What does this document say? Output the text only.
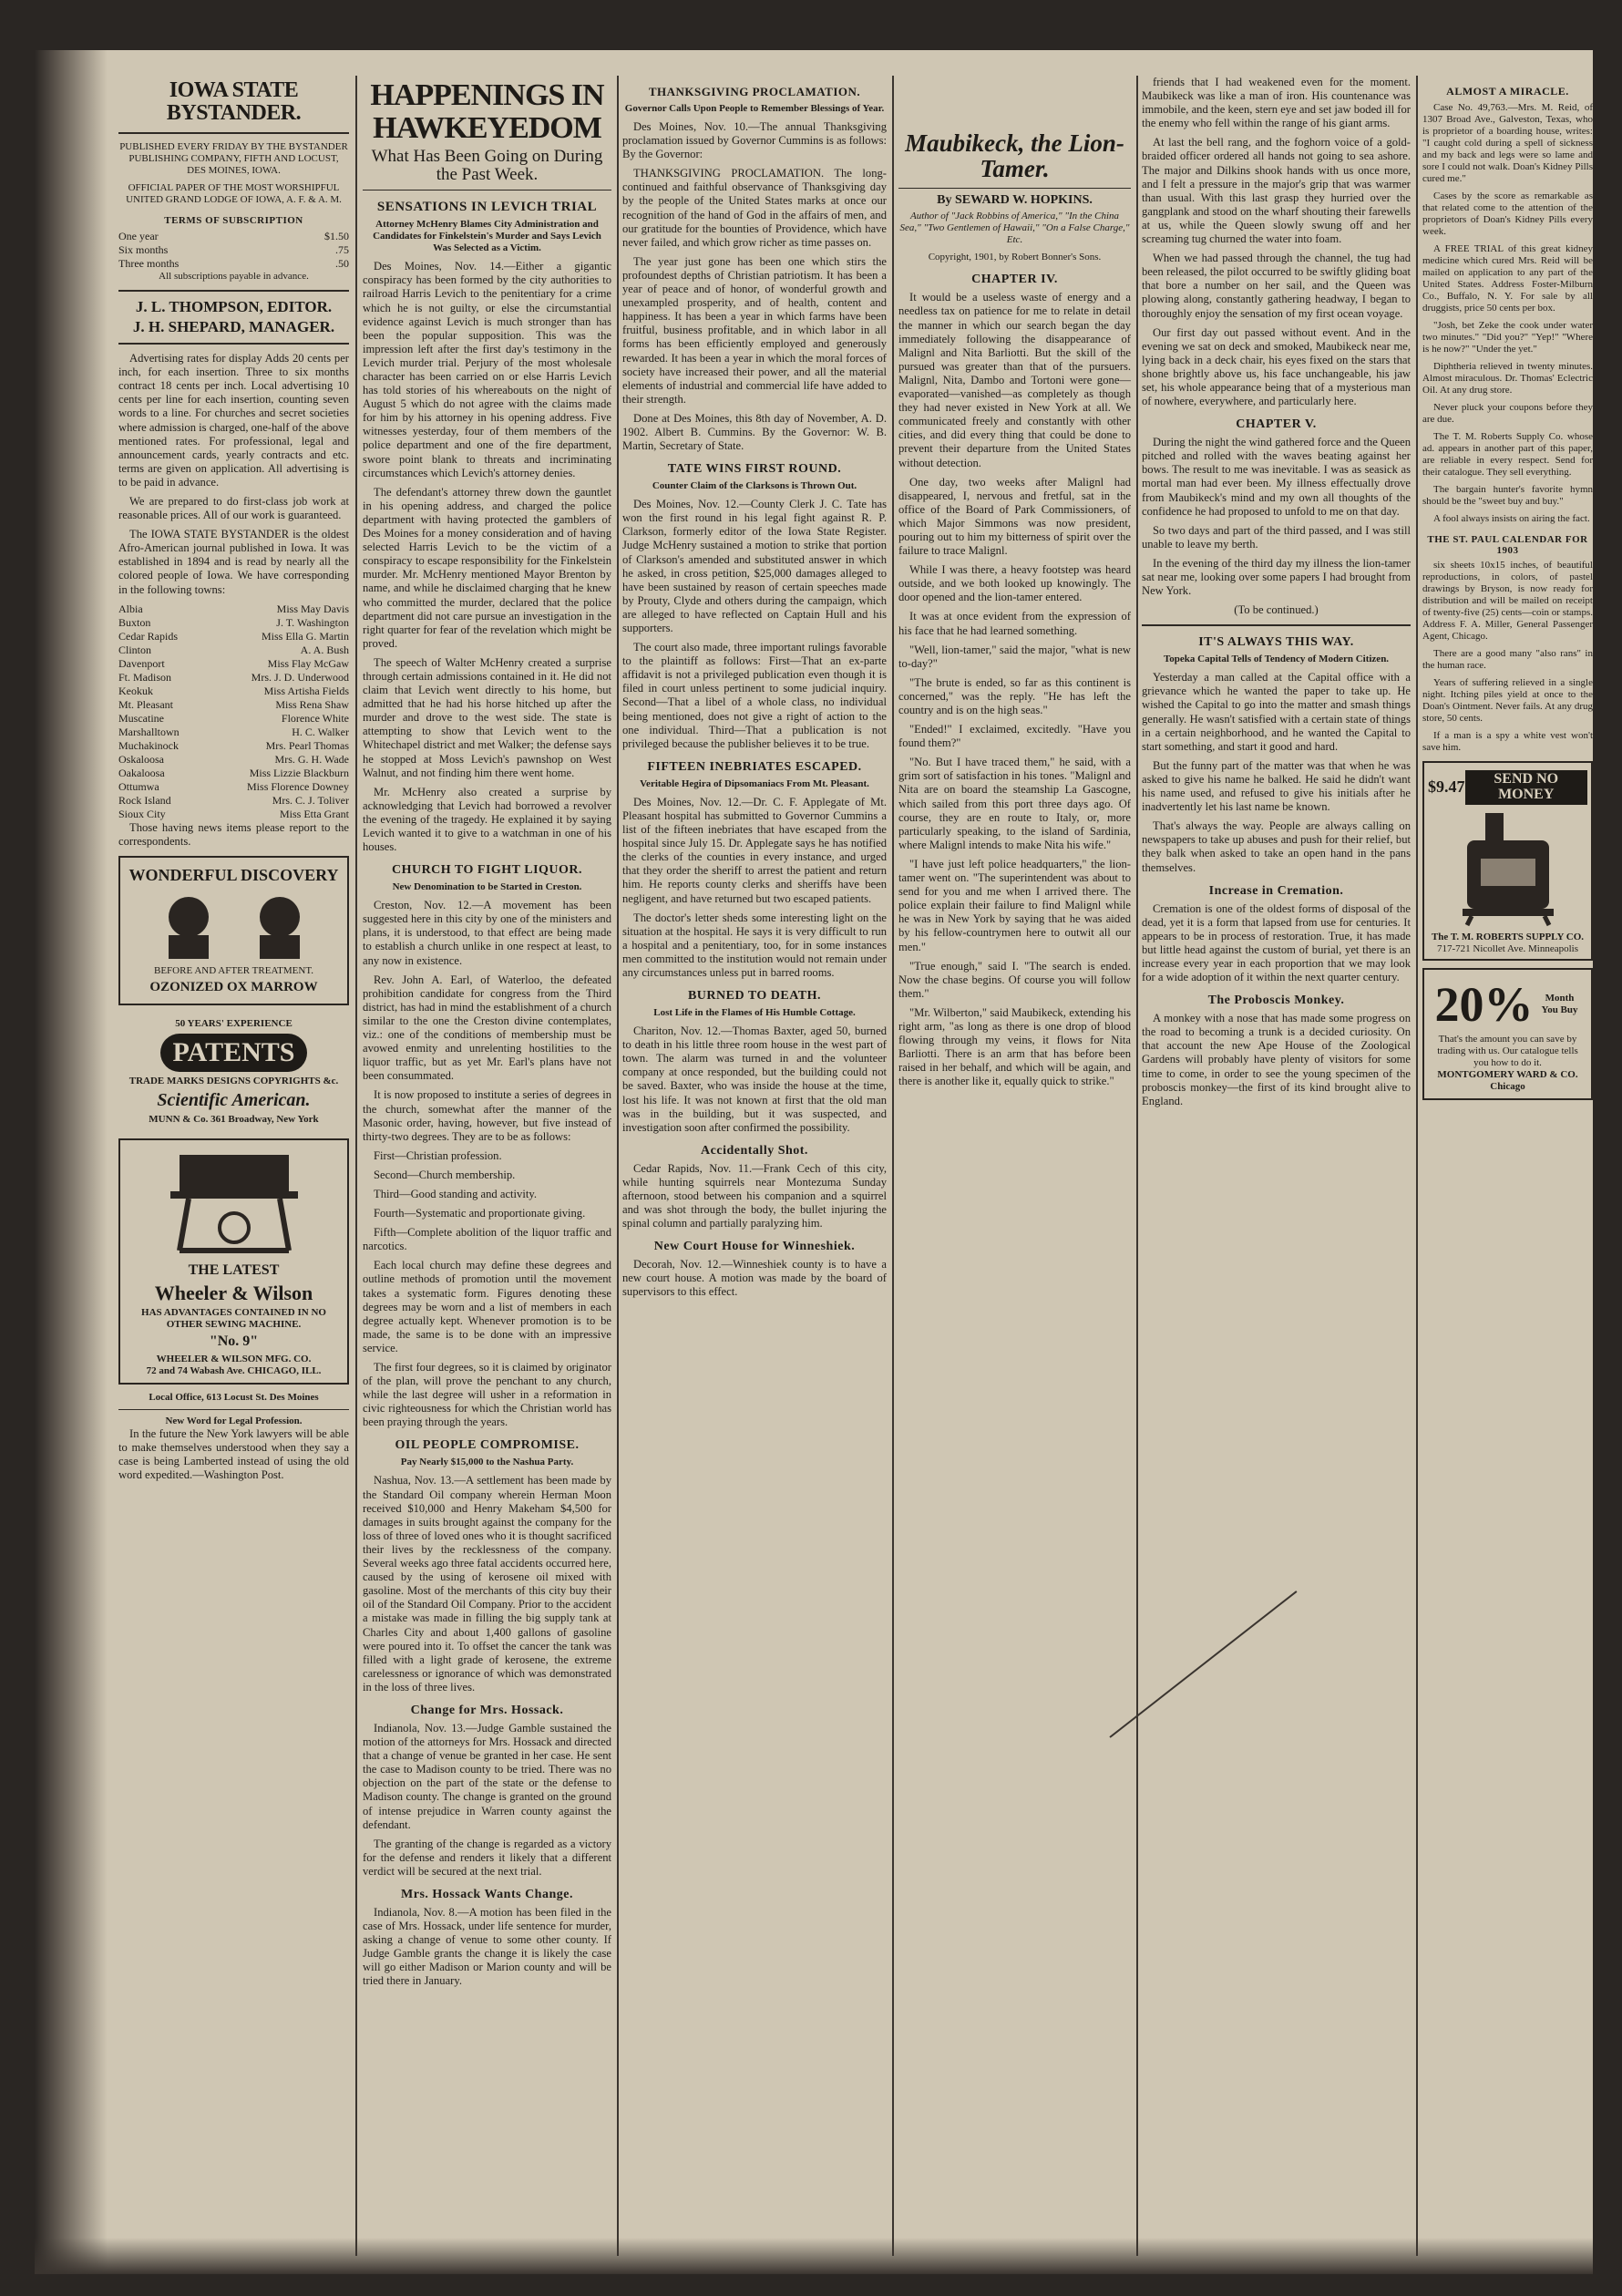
IOWA STATE BYSTANDER.

PUBLISHED EVERY FRIDAY BY THE BYSTANDER PUBLISHING COMPANY, FIFTH AND LOCUST, DES MOINES, IOWA.

OFFICIAL PAPER OF THE MOST WORSHIPFUL UNITED GRAND LODGE OF IOWA, A. F. & A. M.

TERMS OF SUBSCRIPTION
One year	$1.50
Six months	.75
Three months	.50

All subscriptions payable in advance.

J. L. THOMPSON, EDITOR.
J. H. SHEPARD, MANAGER.

Advertising rates for display Adds 20 cents per inch, for each insertion. Three to six months contract 18 cents per inch. Local advertising 10 cents per line for each insertion, counting seven words to a line. For churches and secret societies where admission is charged, one-half of the above mentioned rates. For professional, legal and announcement cards, yearly contracts and etc. terms are given on application. All advertising is to be paid in advance.

We are prepared to do first-class job work at reasonable prices. All of our work is guaranteed.

The IOWA STATE BYSTANDER is the oldest Afro-American journal published in Iowa. It was established in 1894 and is read by nearly all the colored people of Iowa. We have corresponding in the following towns:

Albia	Miss May Davis
Buxton	J. T. Washington
Cedar Rapids	Miss Ella G. Martin
Clinton	A. A. Bush
Davenport	Miss Flay McGaw
Ft. Madison	Mrs. J. D. Underwood
Keokuk	Miss Artisha Fields
Mt. Pleasant	Miss Rena Shaw
Muscatine	Florence White
Marshalltown	H. C. Walker
Muchakinock	Mrs. Pearl Thomas
Oskaloosa	Mrs. G. H. Wade
Oakaloosa	Miss Lizzie Blackburn
Ottumwa	Miss Florence Downey
Rock Island	Mrs. C. J. Toliver
Sioux City	Miss Etta Grant

Those having news items please report to the correspondents.

WONDERFUL DISCOVERY
BEFORE AND AFTER TREATMENT.
OZONIZED OX MARROW
50 YEARS' EXPERIENCE
PATENTS
TRADE MARKS DESIGNS COPYRIGHTS &c.
Scientific American.
MUNN & Co. 361 Broadway, New York
THE LATEST
Wheeler & Wilson
HAS ADVANTAGES CONTAINED IN NO OTHER SEWING MACHINE.
"No. 9"
WHEELER & WILSON MFG. CO.
72 and 74 Wabash Ave. CHICAGO, ILL.
Local Office, 613 Locust St. Des Moines
New Word for Legal Profession.

In the future the New York lawyers will be able to make themselves understood when they say a case is being Lamberted instead of using the old word expedited.—Washington Post.

HAPPENINGS IN HAWKEYEDOM
What Has Been Going on During the Past Week.
SENSATIONS IN LEVICH TRIAL

Attorney McHenry Blames City Administration and Candidates for Finkelstein's Murder and Says Levich Was Selected as a Victim.

Des Moines, Nov. 14.—Either a gigantic conspiracy has been formed by the city authorities to railroad Harris Levich to the penitentiary for a crime which he is not guilty, or else the circumstantial evidence against Levich is much stronger than has been the popular supposition. This was the impression left after the first day's testimony in the Levich murder trial. Perjury of the most wholesale character has been carried on or else Harris Levich has told stories of his whereabouts on the night of August 5 which do not agree with the claims made for him by his attorney in his opening address. Five witnesses yesterday, four of them members of the police department and one of the fire department, swore point blank to threats and incriminating circumstances which Levich's attorney denies.

The defendant's attorney threw down the gauntlet in his opening address, and charged the police department with having protected the gamblers of Des Moines for a money consideration and of having selected Harris Levich to be the victim of a conspiracy to escape responsibility for the Finkelstein murder. Mr. McHenry mentioned Mayor Brenton by name, and while he disclaimed charging that he knew who committed the murder, declared that the police department did not care pursue an investigation in the right quarter for fear of the revelation which might be proved.

The speech of Walter McHenry created a surprise through certain admissions contained in it. He did not claim that Levich went directly to his home, but admitted that he had his horse hitched up after the murder and drove to the west side. The state is attempting to show that Levich went to the Whitechapel district and met Walker; the defense says he stopped at Moss Levich's pawnshop on West Walnut, and not finding him there went home.

Mr. McHenry also created a surprise by acknowledging that Levich had borrowed a revolver the evening of the tragedy. He explained it by saying Levich wanted it to give to a watchman in one of his houses.

CHURCH TO FIGHT LIQUOR.

New Denomination to be Started in Creston.

Creston, Nov. 12.—A movement has been suggested here in this city by one of the ministers and plans, it is understood, to that effect are being made to establish a church unlike in one respect at least, to any now in existence.

Rev. John A. Earl, of Waterloo, the defeated prohibition candidate for congress from the Third district, has had in mind the establishment of a church similar to the one the Creston divine contemplates, viz.: one of the conditions of membership must be avowed enmity and unrelenting hostilities to the liquor traffic, but as yet Mr. Earl's plans have not been consummated.

It is now proposed to institute a series of degrees in the church, somewhat after the manner of the Masonic order, having, however, but five instead of thirty-two degrees. They are to be as follows:

First—Christian profession.

Second—Church membership.

Third—Good standing and activity.

Fourth—Systematic and proportionate giving.

Fifth—Complete abolition of the liquor traffic and narcotics.

Each local church may define these degrees and outline methods of promotion until the movement takes a systematic form. Figures denoting these degrees may be worn and a list of members in each degree actually kept. Whenever promotion is to be made, the same is to be done with an impressive service.

The first four degrees, so it is claimed by originator of the plan, will prove the penchant to any church, while the last degree will usher in a reformation in civic righteousness for which the Christian world has been praying through the years.

OIL PEOPLE COMPROMISE.

Pay Nearly $15,000 to the Nashua Party.

Nashua, Nov. 13.—A settlement has been made by the Standard Oil company wherein Herman Moon received $10,000 and Henry Makeham $4,500 for damages in suits brought against the company for the loss of three of loved ones who it is thought sacrificed their lives by the recklessness of the company. Several weeks ago three fatal accidents occurred here, caused by the using of kerosene oil mixed with gasoline. Most of the merchants of this city buy their oil of the Standard Oil Company. Prior to the accident a mistake was made in filling the big supply tank at Charles City and about 1,400 gallons of gasoline were poured into it. To offset the cancer the tank was filled with a light grade of kerosene, the extreme carelessness or ignorance of which was demonstrated in the loss of three lives.

Change for Mrs. Hossack.

Indianola, Nov. 13.—Judge Gamble sustained the motion of the attorneys for Mrs. Hossack and directed that a change of venue be granted in her case. He sent the case to Madison county to be tried. There was no objection on the part of the state or the defense to Madison county. The change is granted on the ground of intense prejudice in Warren county against the defendant.

The granting of the change is regarded as a victory for the defense and renders it likely that a different verdict will be secured at the next trial.

Mrs. Hossack Wants Change.

Indianola, Nov. 8.—A motion has been filed in the case of Mrs. Hossack, under life sentence for murder, asking a change of venue to some other county. If Judge Gamble grants the change it is likely the case will go either Madison or Marion county and will be tried there in January.

THANKSGIVING PROCLAMATION.

Governor Calls Upon People to Remember Blessings of Year.

Des Moines, Nov. 10.—The annual Thanksgiving proclamation issued by Governor Cummins is as follows: By the Governor:

THANKSGIVING PROCLAMATION. The long-continued and faithful observance of Thanksgiving day by the people of the United States marks at once our recognition of the hand of God in the affairs of men, and our gratitude for the bounties of Providence, which have never failed, and which grow richer as time passes on.

The year just gone has been one which stirs the profoundest depths of Christian patriotism. It has been a year of peace and of honor, of wonderful growth and unexampled prosperity, and of health, content and happiness. It has been a year in which farms have been fruitful, business profitable, and in which labor in all forms has been efficiently employed and generously rewarded. It has been a year in which the moral forces of society have increased their power, and all the material elements of industrial and commercial life have added to their strength.

Done at Des Moines, this 8th day of November, A. D. 1902. Albert B. Cummins. By the Governor: W. B. Martin, Secretary of State.

TATE WINS FIRST ROUND.

Counter Claim of the Clarksons is Thrown Out.

Des Moines, Nov. 12.—County Clerk J. C. Tate has won the first round in his legal fight against R. P. Clarkson, formerly editor of the Iowa State Register. Judge McHenry sustained a motion to strike that portion of Clarkson's amended and substituted answer in which he asked, in cross petition, $25,000 damages alleged to have been sustained by reason of certain speeches made by Prouty, Clyde and others during the campaign, which are alleged to have reflected on Captain Hull and his supporters.

The court also made, three important rulings favorable to the plaintiff as follows: First—That an ex-parte affidavit is not a privileged publication even though it is filed in court unless pertinent to some judicial inquiry. Second—That a libel of a whole class, no individual being mentioned, does not give a right of action to the one individual. Third—That a publication is not privileged because the publisher believes it to be true.

FIFTEEN INEBRIATES ESCAPED.

Veritable Hegira of Dipsomaniacs From Mt. Pleasant.

Des Moines, Nov. 12.—Dr. C. F. Applegate of Mt. Pleasant hospital has submitted to Governor Cummins a list of the fifteen inebriates that have escaped from the hospital since July 15. Dr. Applegate says he has notified the clerks of the counties in every instance, and urged that they order the sheriff to arrest the patient and return him. He reports county clerks and sheriffs have been negligent, and have returned but two escaped patients.

The doctor's letter sheds some interesting light on the situation at the hospital. He says it is very difficult to run a hospital and a penitentiary, too, for in some instances men committed to the institution would not remain under any circumstances unless put in barred rooms.

BURNED TO DEATH.

Lost Life in the Flames of His Humble Cottage.

Chariton, Nov. 12.—Thomas Baxter, aged 50, burned to death in his little three room house in the west part of town. The alarm was turned in and the volunteer company at once responded, but the building could not be saved. Baxter, who was inside the house at the time, lost his life. It was not known at first that the old man was in the building, but it was suspected, and investigation soon after confirmed the possibility.

Accidentally Shot.

Cedar Rapids, Nov. 11.—Frank Cech of this city, while hunting squirrels near Montezuma Sunday afternoon, stood between his companion and a squirrel and was shot through the body, the bullet injuring the spinal column and partially paralyzing him.

New Court House for Winneshiek.

Decorah, Nov. 12.—Winneshiek county is to have a new court house. A motion was made by the board of supervisors to this effect.

Maubikeck, the Lion-Tamer.
By SEWARD W. HOPKINS.

Author of "Jack Robbins of America," "In the China Sea," "Two Gentlemen of Hawaii," "On a False Charge," Etc.

Copyright, 1901, by Robert Bonner's Sons.

CHAPTER IV.

It would be a useless waste of energy and a needless tax on patience for me to relate in detail the manner in which our search began the day immediately following the disappearance of Malignl and Nita Barliotti. But the skill of the pursued was greater than that of the pursuers. Malignl, Nita, Dambo and Tortoni were gone—evaporated—vanished—as completely as though they had never existed in New York at all. We communicated freely and constantly with other cities, and did every thing that could be done to prevent their departure from the United States without detection.

One day, two weeks after Malignl had disappeared, I, nervous and fretful, sat in the office of the Board of Park Commissioners, of which Major Simmons was now president, pouring out to him my bitterness of spirit over the failure to trace Malignl.

While I was there, a heavy footstep was heard outside, and we both looked up knowingly. The door opened and the lion-tamer entered.

It was at once evident from the expression of his face that he had learned something.

"Well, lion-tamer," said the major, "what is new to-day?"

"The brute is ended, so far as this continent is concerned," was the reply. "He has left the country and is on the high seas."

"Ended!" I exclaimed, excitedly. "Have you found them?"

"No. But I have traced them," he said, with a grim sort of satisfaction in his tones. "Malignl and Nita are on board the steamship La Gascogne, which sailed from this port three days ago. Of course, they are en route to Italy, or, more particularly speaking, to the island of Sardinia, where Malignl intends to make Nita his wife."

"I have just left police headquarters," the lion-tamer went on. "The superintendent was about to send for you and me when I arrived there. The police explain their failure to find Malignl while he was in New York by saying that he was aided by his fellow-countrymen here to outwit all our men."

"True enough," said I. "The search is ended. Now the chase begins. Of course you will follow them."

"Mr. Wilberton," said Maubikeck, extending his right arm, "as long as there is one drop of blood flowing through my veins, it flows for Nita Barliotti. There is an arm that has before been raised in her behalf, and which will be again, and there is another like it, equally quick to strike."

friends that I had weakened even for the moment. Maubikeck was like a man of iron. His countenance was immobile, and the keen, stern eye and set jaw boded ill for the enemy who fell within the range of his giant arms.

At last the bell rang, and the foghorn voice of a gold-braided officer ordered all hands not going to sea ashore. The major and Dilkins shook hands with us once more, and I felt a pressure in the major's grip that was warmer than usual. With this last grasp they hurried over the gangplank and stood on the wharf shouting their farewells at us, while the Queen slowly swung off and her screaming tug churned the water into foam.

When we had passed through the channel, the tug had been released, the pilot occurred to be swiftly gliding boat that bore a number on her sail, and the Queen was plowing along, constantly gathering headway, I began to thoroughly enjoy the sensation of my first ocean voyage.

Our first day out passed without event. And in the evening we sat on deck and smoked, Maubikeck near me, lying back in a deck chair, his eyes fixed on the stars that shone brightly above us, his face unchangeable, his jaw set, his whole appearance being that of a mysterious man of nowhere, everywhere, and particularly here.

CHAPTER V.

During the night the wind gathered force and the Queen pitched and rolled with the waves beating against her bows. The result to me was inevitable. I was as seasick as mortal man had ever been. My illness effectually drove from Maubikeck's mind and my own all thoughts of the confidence he had proposed to unfold to me on that day.

So two days and part of the third passed, and I was still unable to leave my berth.

In the evening of the third day my illness the lion-tamer sat near me, looking over some papers I had brought from New York.

(To be continued.)

IT'S ALWAYS THIS WAY.

Topeka Capital Tells of Tendency of Modern Citizen.

Yesterday a man called at the Capital office with a grievance which he wanted the paper to take up. He wished the Capital to go into the matter and smash things generally. He wasn't satisfied with a certain state of things in a certain neighborhood, and he wanted the Capital to start something, and start it good and hard.

But the funny part of the matter was that when he was asked to give his name he balked. He said he didn't want his name used, and refused to give his initials after he inadvertently let his last name be known.

That's always the way. People are always calling on newspapers to take up abuses and push for their relief, but they balk when asked to take an open hand in the pans themselves.

Increase in Cremation.

Cremation is one of the oldest forms of disposal of the dead, yet it is a form that lapsed from use for centuries. It appears to be in process of restoration. True, it has made but little head against the custom of burial, yet there is an increase every year in each proportion that we may look for a wide adoption of it within the next quarter century.

The Proboscis Monkey.

A monkey with a nose that has made some progress on the road to becoming a trunk is a decided curiosity. On that account the new Ape House of the Zoological Gardens will probably have plenty of visitors for some time to come, in order to see the young specimen of the proboscis monkey—the first of its kind brought alive to England.

ALMOST A MIRACLE.

Case No. 49,763.—Mrs. M. Reid, of 1307 Broad Ave., Galveston, Texas, who is proprietor of a boarding house, writes: "I caught cold during a spell of sickness and my back and legs were so lame and sore I could not walk. Doan's Kidney Pills cured me."

Cases by the score as remarkable as that related come to the attention of the proprietors of Doan's Kidney Pills every week.

A FREE TRIAL of this great kidney medicine which cured Mrs. Reid will be mailed on application to any part of the United States. Address Foster-Milburn Co., Buffalo, N. Y. For sale by all druggists, price 50 cents per box.

"Josh, bet Zeke the cook under water two minutes." "Did you?" "Yep!" "Where is he now?" "Under the yet."

Diphtheria relieved in twenty minutes. Almost miraculous. Dr. Thomas' Eclectric Oil. At any drug store.

Never pluck your coupons before they are due.

The T. M. Roberts Supply Co. whose ad. appears in another part of this paper, are reliable in every respect. Send for their catalogue. They sell everything.

The bargain hunter's favorite hymn should be the "sweet buy and buy."

A fool always insists on airing the fact.

THE ST. PAUL CALENDAR FOR 1903

six sheets 10x15 inches, of beautiful reproductions, in colors, of pastel drawings by Bryson, is now ready for distribution and will be mailed on receipt of twenty-five (25) cents—coin or stamps. Address F. A. Miller, General Passenger Agent, Chicago.

There are a good many "also rans" in the human race.

Years of suffering relieved in a single night. Itching piles yield at once to the Doan's Ointment. Never fails. At any drug store, 50 cents.

If a man is a spy a white vest won't save him.

$9.47	SEND NO MONEY
The T. M. ROBERTS SUPPLY CO.
717-721 Nicollet Ave. Minneapolis
20%	Month You Buy
That's the amount you can save by trading with us. Our catalogue tells you how to do it.
MONTGOMERY WARD & CO. Chicago
